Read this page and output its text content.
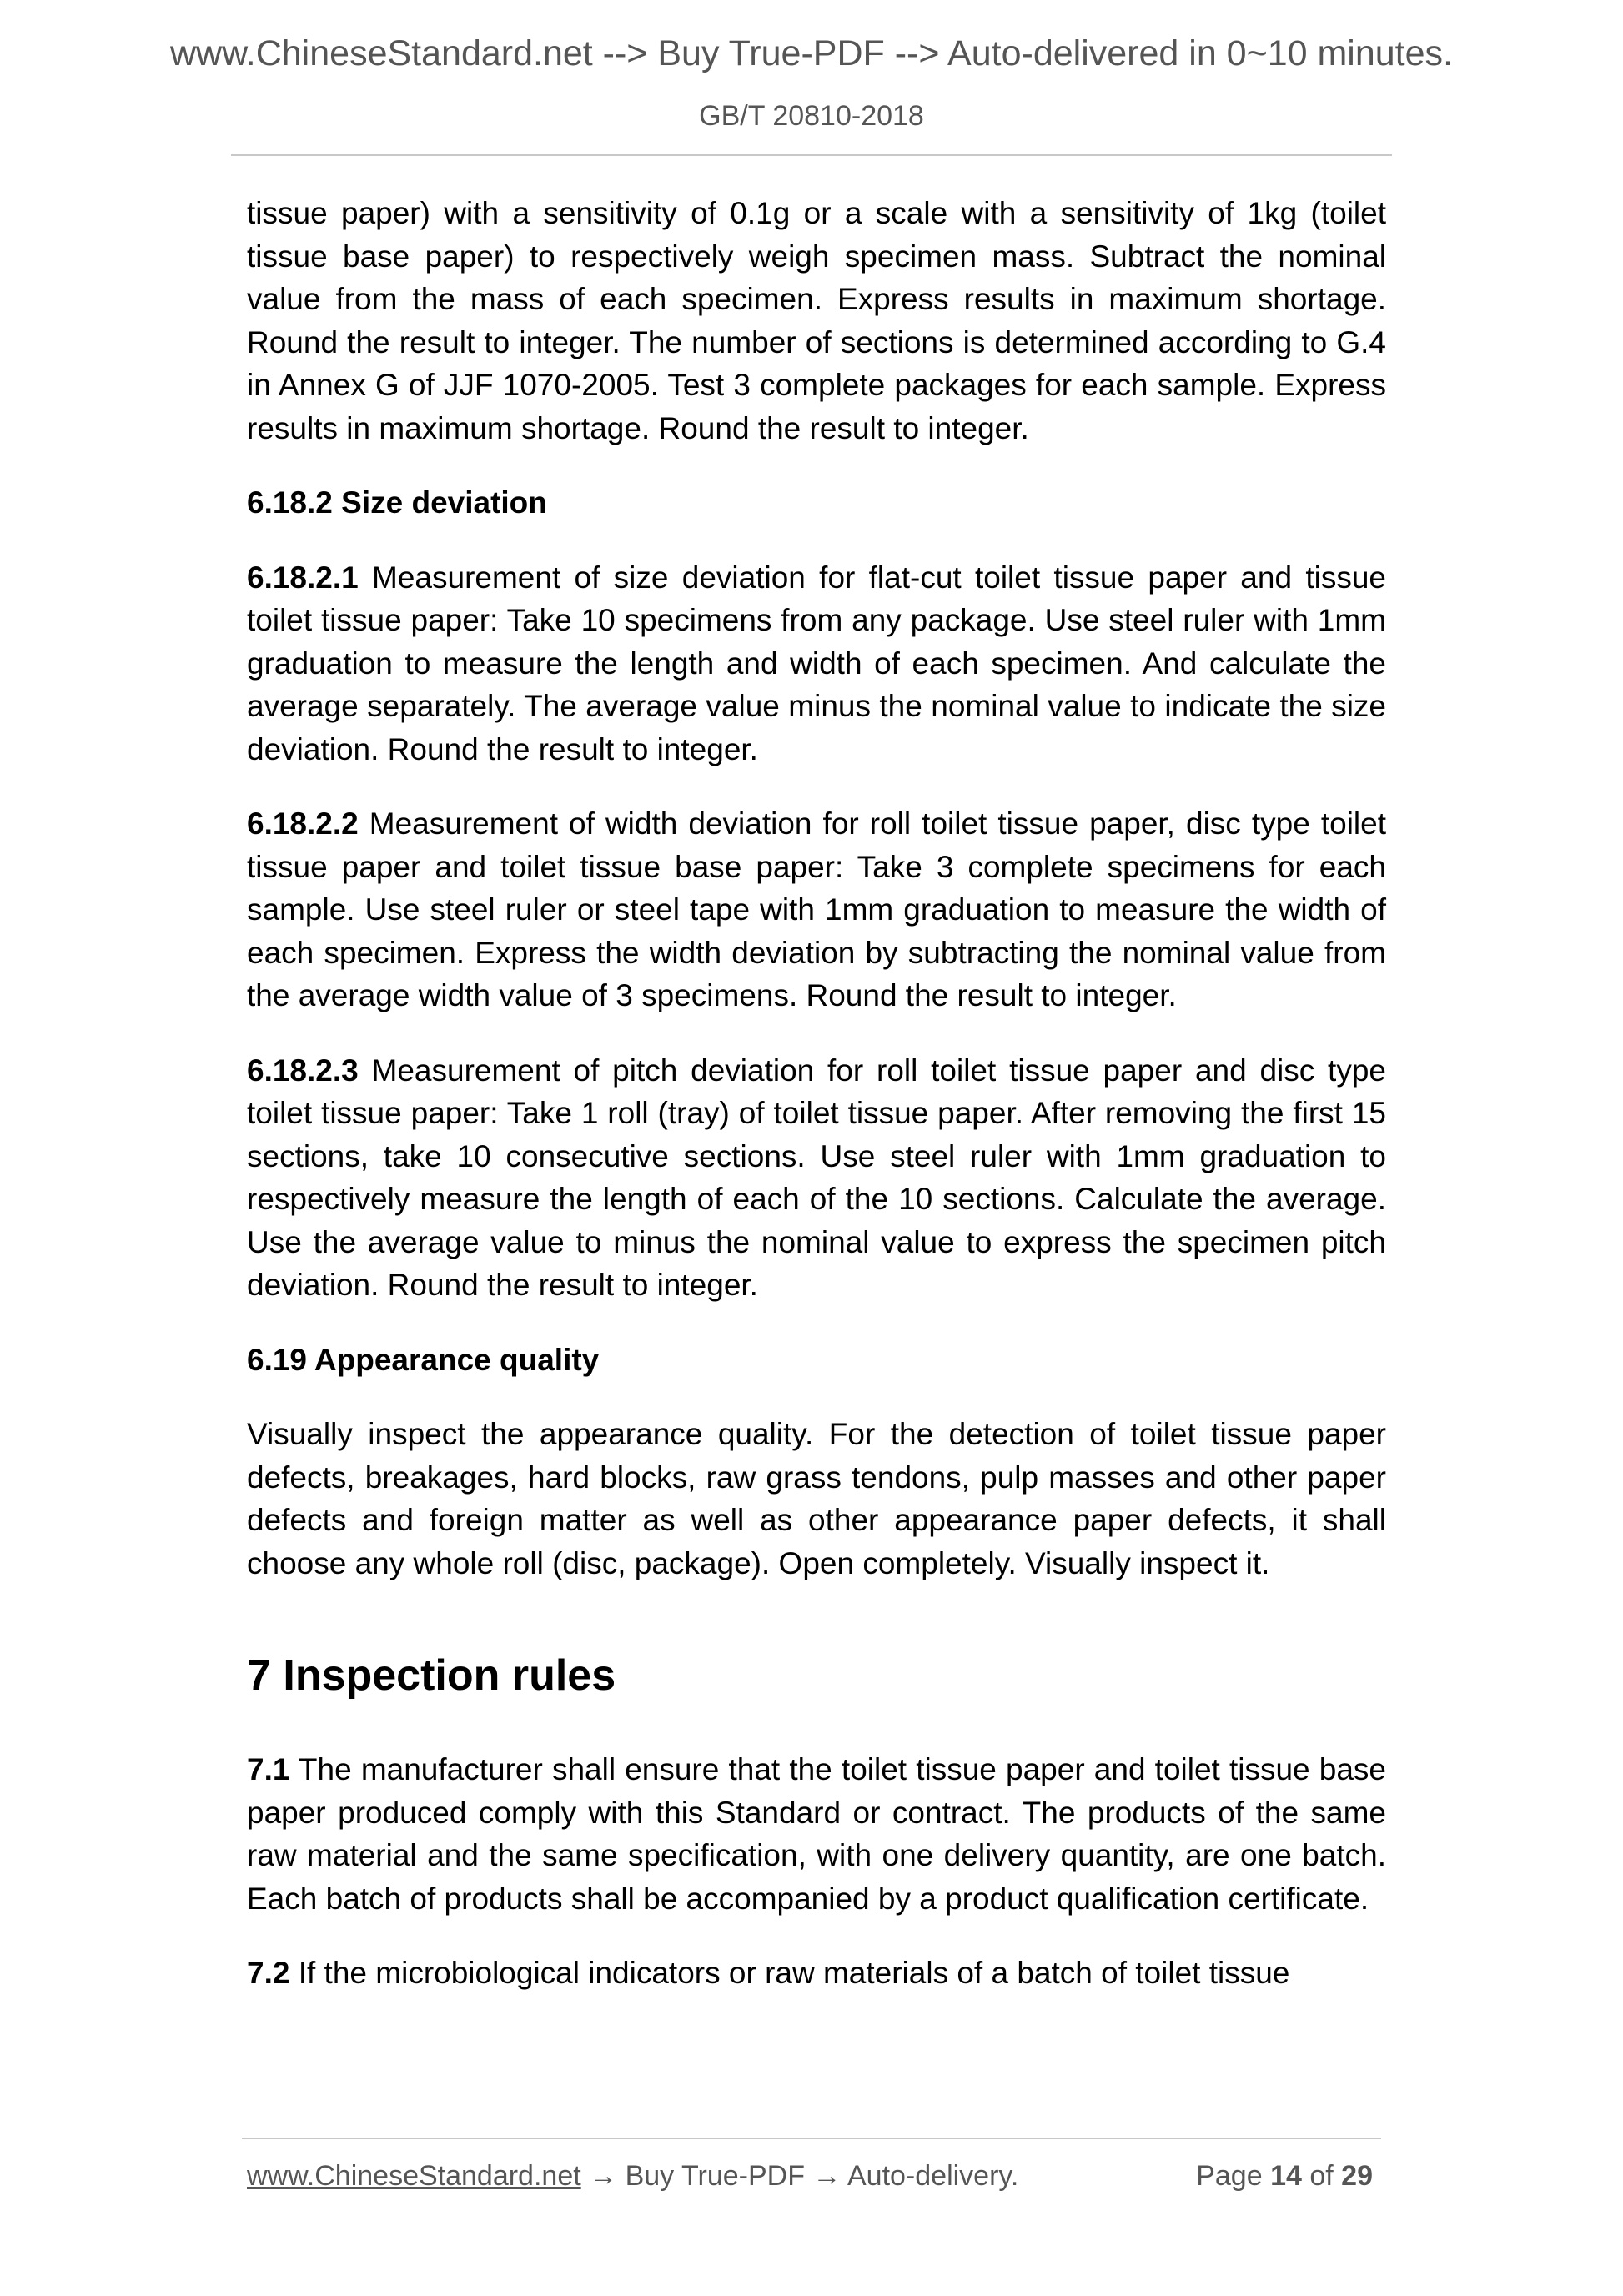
www.ChineseStandard.net --> Buy True-PDF --> Auto-delivered in 0~10 minutes.
GB/T 20810-2018

tissue paper) with a sensitivity of 0.1g or a scale with a sensitivity of 1kg (toilet tissue base paper) to respectively weigh specimen mass. Subtract the nominal value from the mass of each specimen. Express results in maximum shortage. Round the result to integer. The number of sections is determined according to G.4 in Annex G of JJF 1070-2005. Test 3 complete packages for each sample. Express results in maximum shortage. Round the result to integer.

6.18.2 Size deviation

6.18.2.1 Measurement of size deviation for flat-cut toilet tissue paper and tissue toilet tissue paper: Take 10 specimens from any package. Use steel ruler with 1mm graduation to measure the length and width of each specimen. And calculate the average separately. The average value minus the nominal value to indicate the size deviation. Round the result to integer.

6.18.2.2 Measurement of width deviation for roll toilet tissue paper, disc type toilet tissue paper and toilet tissue base paper: Take 3 complete specimens for each sample. Use steel ruler or steel tape with 1mm graduation to measure the width of each specimen. Express the width deviation by subtracting the nominal value from the average width value of 3 specimens. Round the result to integer.

6.18.2.3 Measurement of pitch deviation for roll toilet tissue paper and disc type toilet tissue paper: Take 1 roll (tray) of toilet tissue paper. After removing the first 15 sections, take 10 consecutive sections. Use steel ruler with 1mm graduation to respectively measure the length of each of the 10 sections. Calculate the average. Use the average value to minus the nominal value to express the specimen pitch deviation. Round the result to integer.

6.19 Appearance quality

Visually inspect the appearance quality. For the detection of toilet tissue paper defects, breakages, hard blocks, raw grass tendons, pulp masses and other paper defects and foreign matter as well as other appearance paper defects, it shall choose any whole roll (disc, package). Open completely. Visually inspect it.

7 Inspection rules

7.1 The manufacturer shall ensure that the toilet tissue paper and toilet tissue base paper produced comply with this Standard or contract. The products of the same raw material and the same specification, with one delivery quantity, are one batch. Each batch of products shall be accompanied by a product qualification certificate.

7.2 If the microbiological indicators or raw materials of a batch of toilet tissue

www.ChineseStandard.net → Buy True-PDF → Auto-delivery.	Page 14 of 29
